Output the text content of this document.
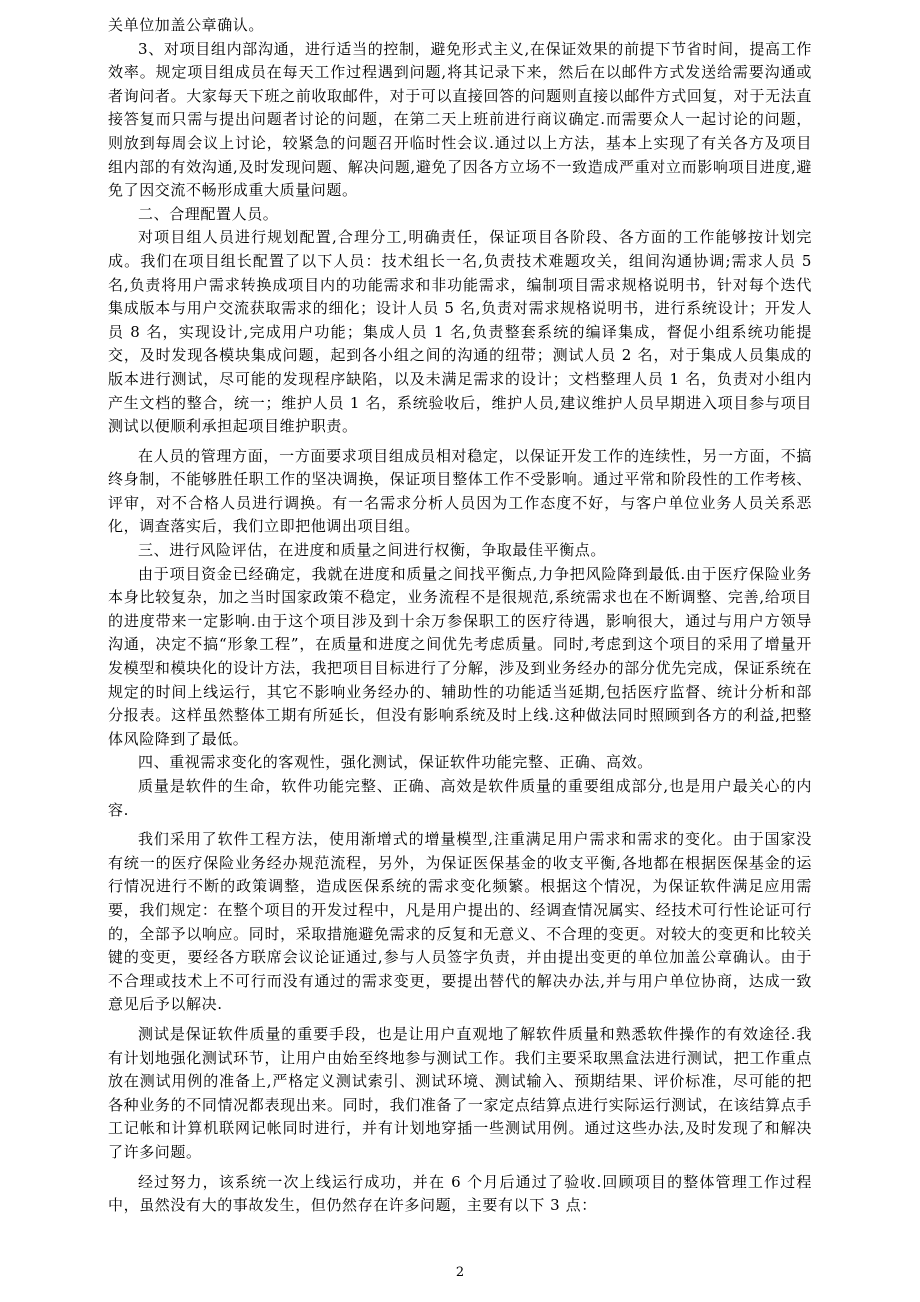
关单位加盖公章确认。

3、对项目组内部沟通，进行适当的控制，避免形式主义,在保证效果的前提下节省时间，提高工作效率。规定项目组成员在每天工作过程遇到问题,将其记录下来，然后在以邮件方式发送给需要沟通或者询问者。大家每天下班之前收取邮件，对于可以直接回答的问题则直接以邮件方式回复，对于无法直接答复而只需与提出问题者讨论的问题，在第二天上班前进行商议确定.而需要众人一起讨论的问题，则放到每周会议上讨论，较紧急的问题召开临时性会议.通过以上方法，基本上实现了有关各方及项目组内部的有效沟通,及时发现问题、解决问题,避免了因各方立场不一致造成严重对立而影响项目进度,避免了因交流不畅形成重大质量问题。

二、合理配置人员。

对项目组人员进行规划配置,合理分工,明确责任，保证项目各阶段、各方面的工作能够按计划完成。我们在项目组长配置了以下人员：技术组长一名,负责技术难题攻关，组间沟通协调;需求人员 5 名,负责将用户需求转换成项目内的功能需求和非功能需求，编制项目需求规格说明书，针对每个迭代集成版本与用户交流获取需求的细化；设计人员 5 名,负责对需求规格说明书，进行系统设计；开发人员 8 名，实现设计,完成用户功能；集成人员 1 名,负责整套系统的编译集成，督促小组系统功能提交，及时发现各模块集成问题，起到各小组之间的沟通的纽带；测试人员 2 名，对于集成人员集成的版本进行测试，尽可能的发现程序缺陷，以及未满足需求的设计；文档整理人员 1 名，负责对小组内产生文档的整合，统一；维护人员 1 名，系统验收后，维护人员,建议维护人员早期进入项目参与项目测试以便顺利承担起项目维护职责。

在人员的管理方面，一方面要求项目组成员相对稳定，以保证开发工作的连续性，另一方面，不搞终身制，不能够胜任职工作的坚决调换，保证项目整体工作不受影响。通过平常和阶段性的工作考核、评审，对不合格人员进行调换。有一名需求分析人员因为工作态度不好，与客户单位业务人员关系恶化，调查落实后，我们立即把他调出项目组。

三、进行风险评估，在进度和质量之间进行权衡，争取最佳平衡点。

由于项目资金已经确定，我就在进度和质量之间找平衡点,力争把风险降到最低.由于医疗保险业务本身比较复杂，加之当时国家政策不稳定，业务流程不是很规范,系统需求也在不断调整、完善,给项目的进度带来一定影响.由于这个项目涉及到十余万参保职工的医疗待遇，影响很大，通过与用户方领导沟通，决定不搞“形象工程”，在质量和进度之间优先考虑质量。同时,考虑到这个项目的采用了增量开发模型和模块化的设计方法，我把项目目标进行了分解，涉及到业务经办的部分优先完成，保证系统在规定的时间上线运行，其它不影响业务经办的、辅助性的功能适当延期,包括医疗监督、统计分析和部分报表。这样虽然整体工期有所延长，但没有影响系统及时上线.这种做法同时照顾到各方的利益,把整体风险降到了最低。

四、重视需求变化的客观性，强化测试，保证软件功能完整、正确、高效。

质量是软件的生命，软件功能完整、正确、高效是软件质量的重要组成部分,也是用户最关心的内容.

我们采用了软件工程方法，使用渐增式的增量模型,注重满足用户需求和需求的变化。由于国家没有统一的医疗保险业务经办规范流程，另外，为保证医保基金的收支平衡,各地都在根据医保基金的运行情况进行不断的政策调整，造成医保系统的需求变化频繁。根据这个情况，为保证软件满足应用需要，我们规定：在整个项目的开发过程中，凡是用户提出的、经调查情况属实、经技术可行性论证可行的，全部予以响应。同时，采取措施避免需求的反复和无意义、不合理的变更。对较大的变更和比较关键的变更，要经各方联席会议论证通过,参与人员签字负责，并由提出变更的单位加盖公章确认。由于不合理或技术上不可行而没有通过的需求变更，要提出替代的解决办法,并与用户单位协商，达成一致意见后予以解决.

测试是保证软件质量的重要手段，也是让用户直观地了解软件质量和熟悉软件操作的有效途径.我有计划地强化测试环节，让用户由始至终地参与测试工作。我们主要采取黑盒法进行测试，把工作重点放在测试用例的准备上,严格定义测试索引、测试环境、测试输入、预期结果、评价标准，尽可能的把各种业务的不同情况都表现出来。同时，我们准备了一家定点结算点进行实际运行测试，在该结算点手工记帐和计算机联网记帐同时进行，并有计划地穿插一些测试用例。通过这些办法,及时发现了和解决了许多问题。

经过努力，该系统一次上线运行成功，并在 6 个月后通过了验收.回顾项目的整体管理工作过程中，虽然没有大的事故发生，但仍然存在许多问题，主要有以下 3 点：

2
